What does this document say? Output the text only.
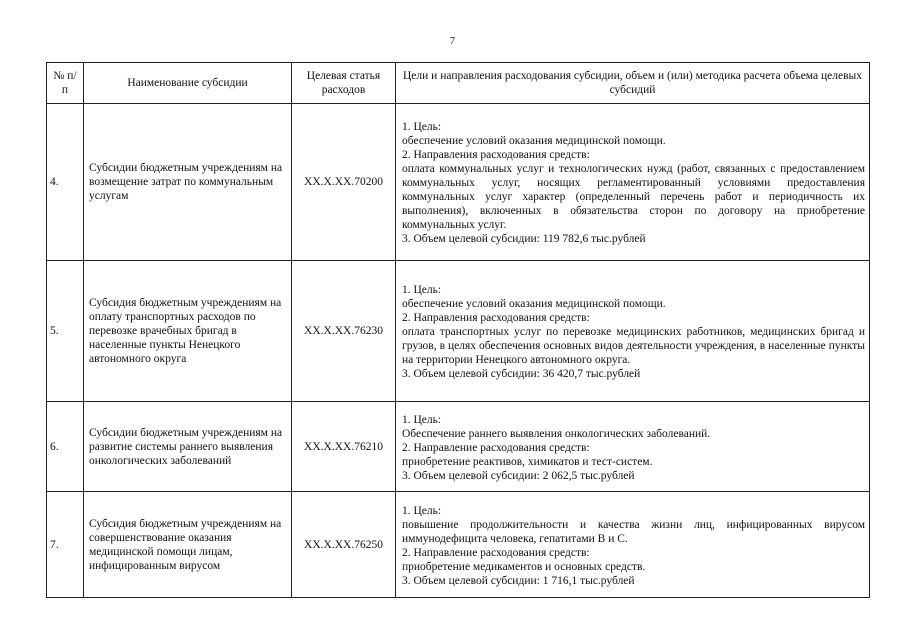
7
№ п/п	Наименование субсидии	Целевая статья расходов	Цели и направления расходования субсидии, объем и (или) методика расчета объема целевых субсидий
4.	Субсидии бюджетным учреждениям на возмещение затрат по коммунальным услугам	ХХ.Х.ХХ.70200	1. Цель:
обеспечение условий оказания медицинской помощи.
2. Направления расходования средств:
оплата коммунальных услуг и технологических нужд (работ, связанных с предоставлением коммунальных услуг, носящих регламентированный условиями предоставления коммунальных услуг характер (определенный перечень работ и периодичность их выполнения), включенных в обязательства сторон по договору на приобретение коммунальных услуг.
3. Объем целевой субсидии: 119 782,6 тыс.рублей

5.	Субсидия бюджетным учреждениям на оплату транспортных расходов по перевозке врачебных бригад в населенные пункты Ненецкого автономного округа	ХХ.Х.ХХ.76230	1. Цель:
обеспечение условий оказания медицинской помощи.
2. Направления расходования средств:
оплата транспортных услуг по перевозке медицинских работников, медицинских бригад и грузов, в целях обеспечения основных видов деятельности учреждения, в населенные пункты на территории Ненецкого автономного округа.
3. Объем целевой субсидии: 36 420,7 тыс.рублей

6.	Субсидии бюджетным учреждениям на развитие системы раннего выявления онкологических заболеваний	ХХ.Х.ХХ.76210	1. Цель:
Обеспечение раннего выявления онкологических заболеваний.
2. Направление расходования средств:
приобретение реактивов, химикатов и тест-систем.
3. Объем целевой субсидии: 2 062,5 тыс.рублей

7.	Субсидия бюджетным учреждениям на совершенствование оказания медицинской помощи лицам, инфицированным вирусом	ХХ.Х.ХХ.76250	1. Цель:
повышение продолжительности и качества жизни лиц, инфицированных вирусом иммунодефицита человека, гепатитами В и С.
2. Направление расходования средств:
приобретение медикаментов и основных средств.
3. Объем целевой субсидии: 1 716,1 тыс.рублей
